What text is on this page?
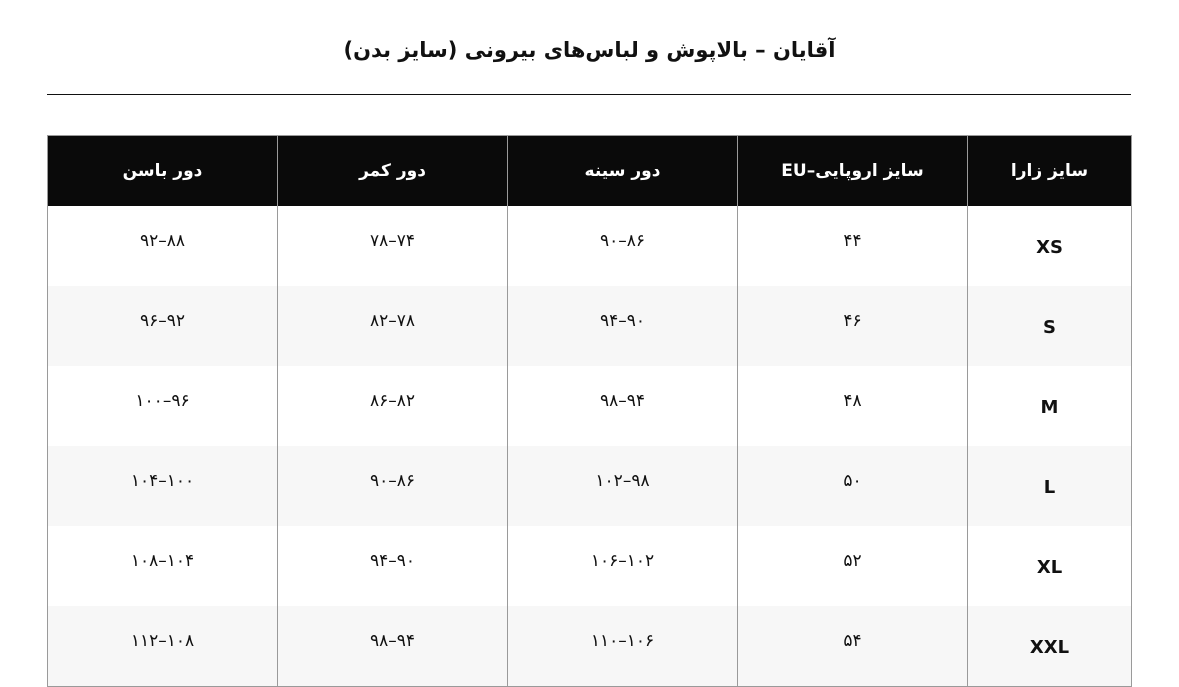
آقایان – بالاپوش و لباس‌های بیرونی (سایز بدن)
سایز زارا	سایز اروپایی–EU	دور سینه	دور کمر	دور باسن
XS	۴۴	۸۶–۹۰	۷۴–۷۸	۸۸–۹۲
S	۴۶	۹۰–۹۴	۷۸–۸۲	۹۲–۹۶
M	۴۸	۹۴–۹۸	۸۲–۸۶	۹۶–۱۰۰
L	۵۰	۹۸–۱۰۲	۸۶–۹۰	۱۰۰–۱۰۴
XL	۵۲	۱۰۲–۱۰۶	۹۰–۹۴	۱۰۴–۱۰۸
XXL	۵۴	۱۰۶–۱۱۰	۹۴–۹۸	۱۰۸–۱۱۲
